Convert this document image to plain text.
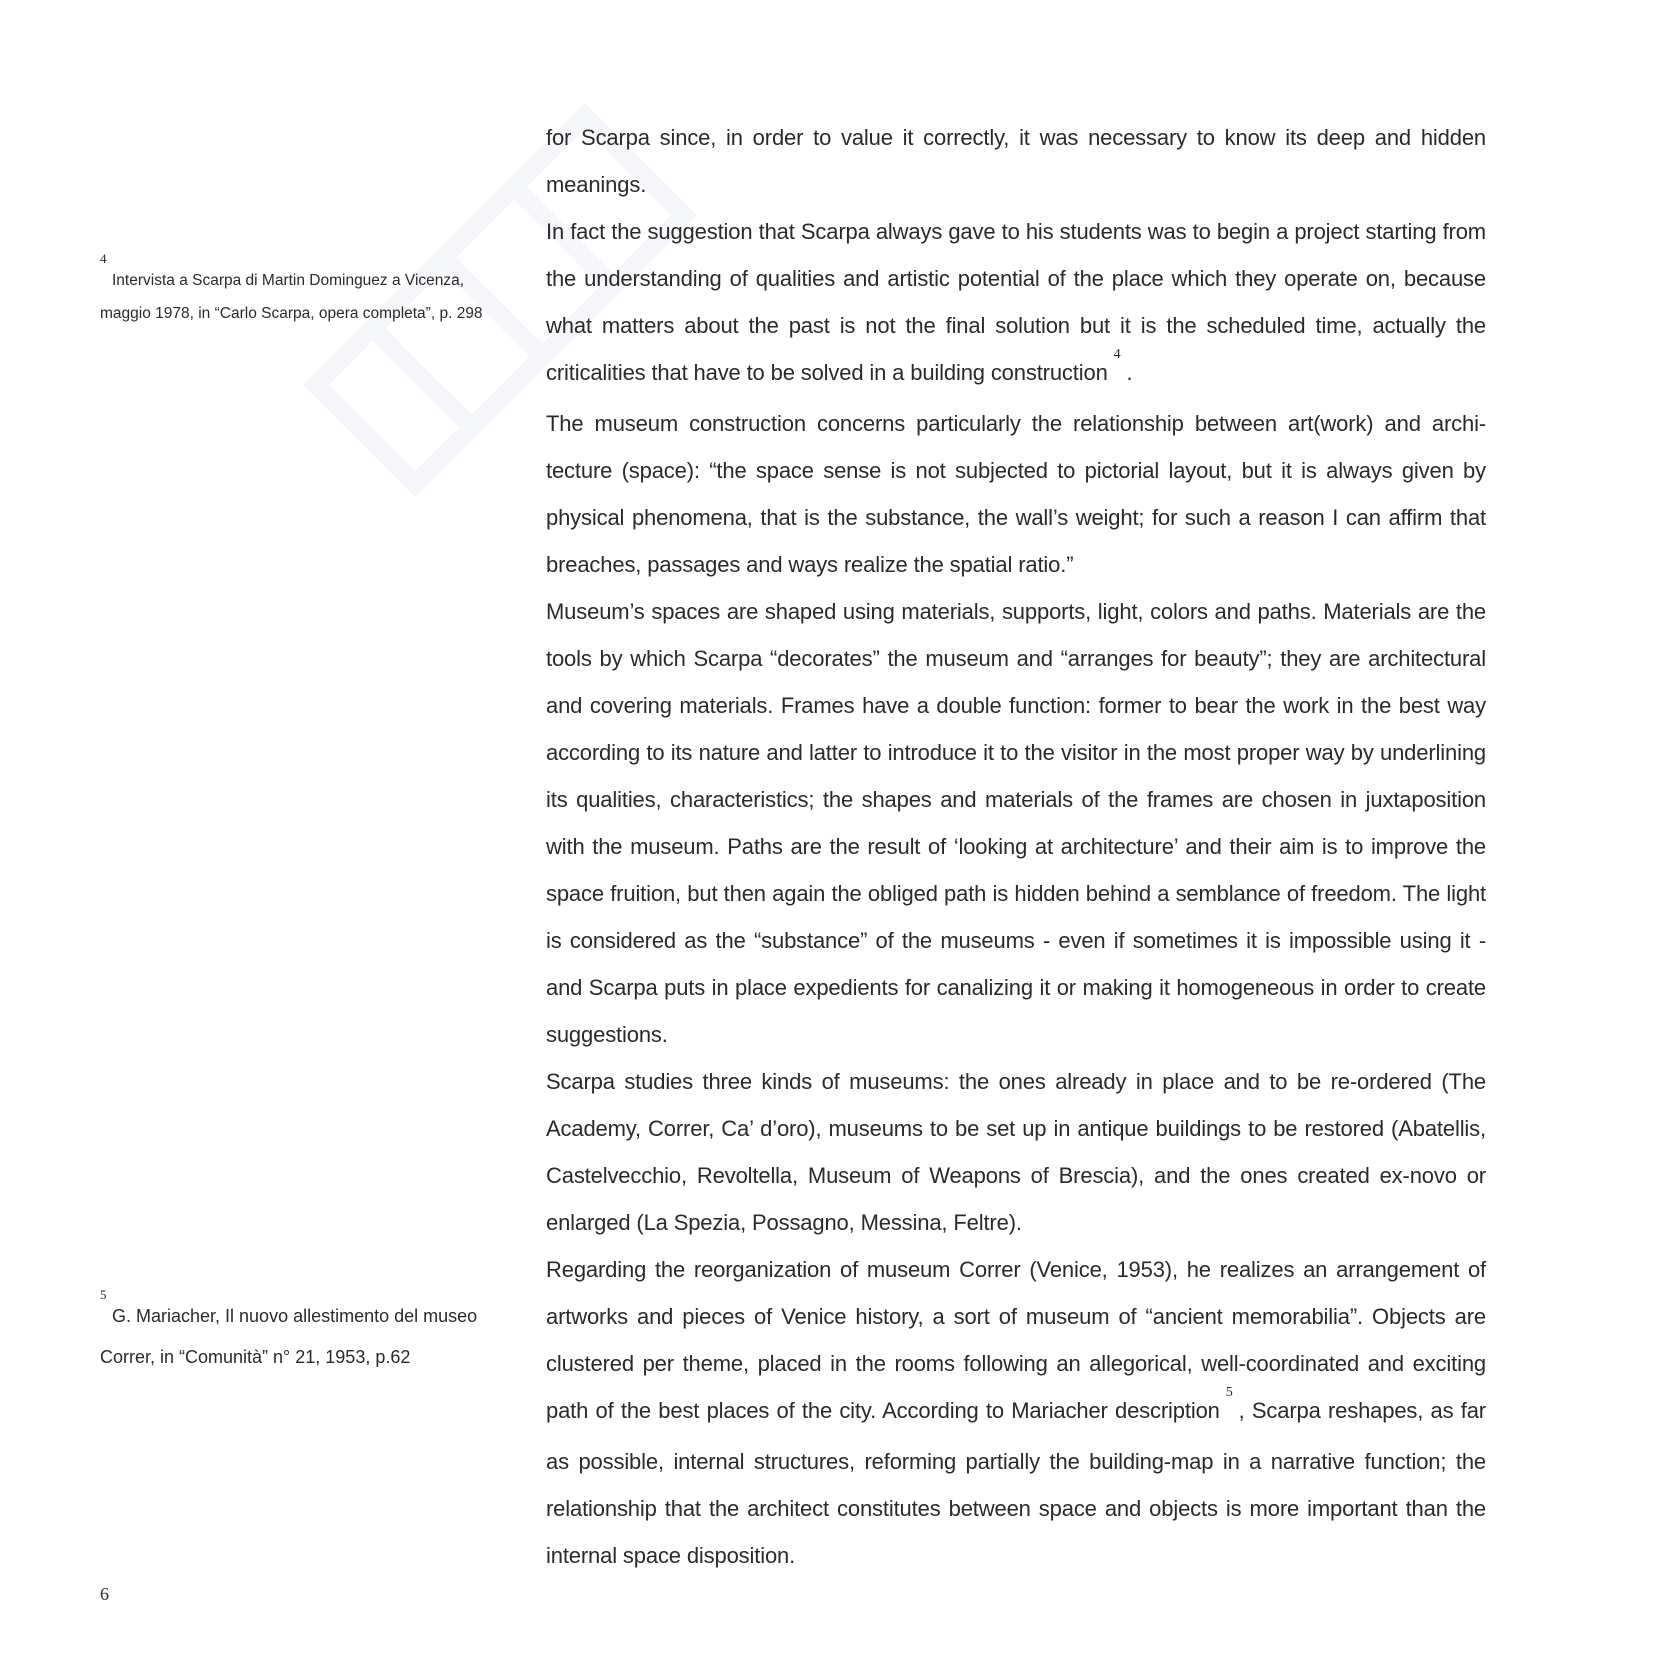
4
Intervista a Scarpa di Martin Dominguez a Vicenza,
maggio 1978, in “Carlo Scarpa, opera completa”, p. 298
5
G. Mariacher, Il nuovo allestimento del museo
Correr, in “Comunità” n° 21, 1953, p.62

for Scarpa since, in order to value it correctly, it was necessary to know its deep and hidden meanings.

In fact the suggestion that Scarpa always gave to his students was to begin a project starting from the understanding of qualities and artistic potential of the place which they operate on, because what matters about the past is not the final solution but it is the scheduled time, actually the criticalities that have to be solved in a building construction$^4$.

The museum construction concerns particularly the relationship between art(work) and archi-tecture (space): “the space sense is not subjected to pictorial layout, but it is always given by physical phenomena, that is the substance, the wall’s weight; for such a reason I can affirm that breaches, passages and ways realize the spatial ratio.”

Museum’s spaces are shaped using materials, supports, light, colors and paths. Materials are the tools by which Scarpa “decorates” the museum and “arranges for beauty”; they are architectural and covering materials. Frames have a double function: former to bear the work in the best way according to its nature and latter to introduce it to the visitor in the most proper way by underlining its qualities, characteristics; the shapes and materials of the frames are chosen in juxtaposition with the museum. Paths are the result of ‘looking at architecture’ and their aim is to improve the space fruition, but then again the obliged path is hidden behind a semblance of freedom. The light is considered as the “substance” of the museums - even if sometimes it is impossible using it - and Scarpa puts in place expedients for canalizing it or making it homogeneous in order to create suggestions.

Scarpa studies three kinds of museums: the ones already in place and to be re-ordered (The Academy, Correr, Ca’ d’oro), museums to be set up in antique buildings to be restored (Abatellis, Castelvecchio, Revoltella, Museum of Weapons of Brescia), and the ones created ex-novo or enlarged (La Spezia, Possagno, Messina, Feltre).

Regarding the reorganization of museum Correr (Venice, 1953), he realizes an arrangement of artworks and pieces of Venice history, a sort of museum of “ancient memorabilia”. Objects are clustered per theme, placed in the rooms following an allegorical, well-coordinated and exciting path of the best places of the city. According to Mariacher description$^5$, Scarpa reshapes, as far as possible, internal structures, reforming partially the building-map in a narrative function; the relationship that the architect constitutes between space and objects is more important than the internal space disposition.

6
